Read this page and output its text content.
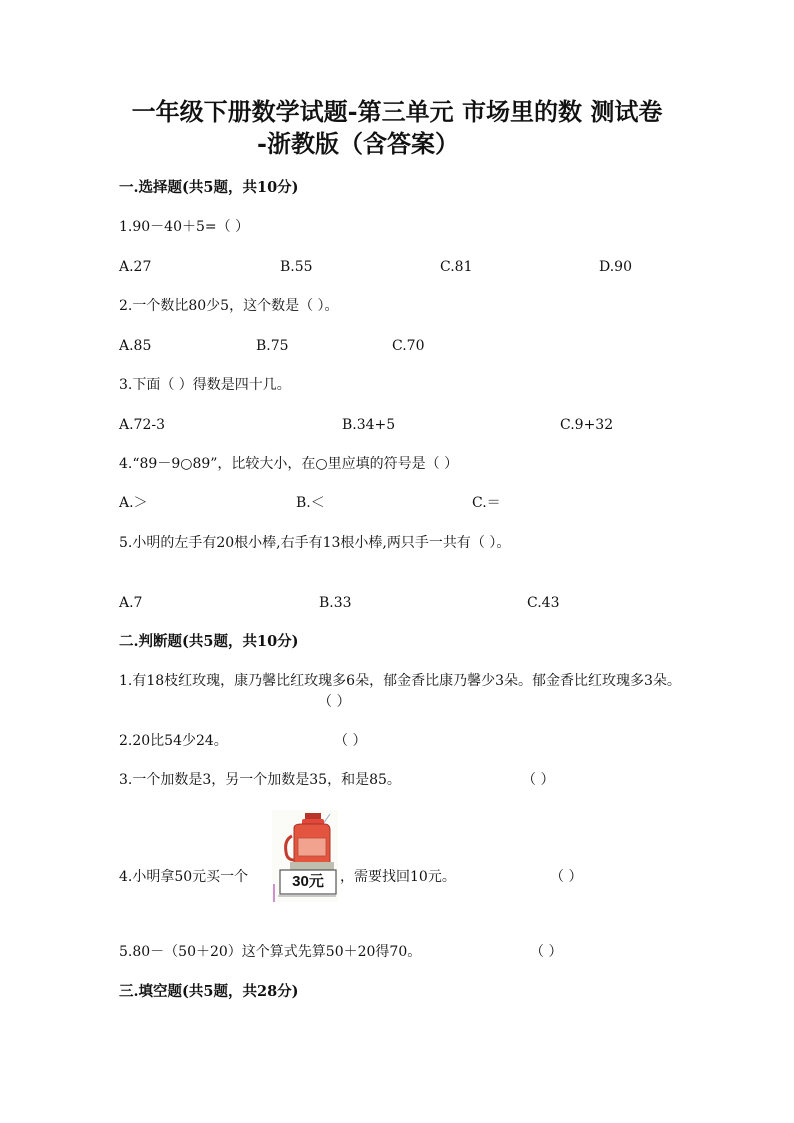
一年级下册数学试题-第三单元 市场里的数 测试卷
-浙教版（含答案）
一.选择题(共5题，共10分)
1.90－40＋5=（ ）
A.27	B.55	C.81	D.90
2.一个数比80少5，这个数是（ ）。
A.85	B.75	C.70
3.下面（ ）得数是四十几。
A.72-3	B.34+5	C.9+32
4.“89－9○89”，比较大小，在○里应填的符号是（ ）
A.＞	B.＜	C.＝
5.小明的左手有20根小棒,右手有13根小棒,两只手一共有（ ）。
A.7	B.33	C.43
二.判断题(共5题，共10分)
1.有18枝红玫瑰，康乃馨比红玫瑰多6朵，郁金香比康乃馨少3朵。郁金香比红玫瑰多3朵。
（ ）
2.20比54少24。	（ ）
3.一个加数是3，另一个加数是35，和是85。	（ ）
4.小明拿50元买一个	30元	，需要找回10元。	（ ）
5.80－（50＋20）这个算式先算50＋20得70。	（ ）
三.填空题(共5题，共28分)
